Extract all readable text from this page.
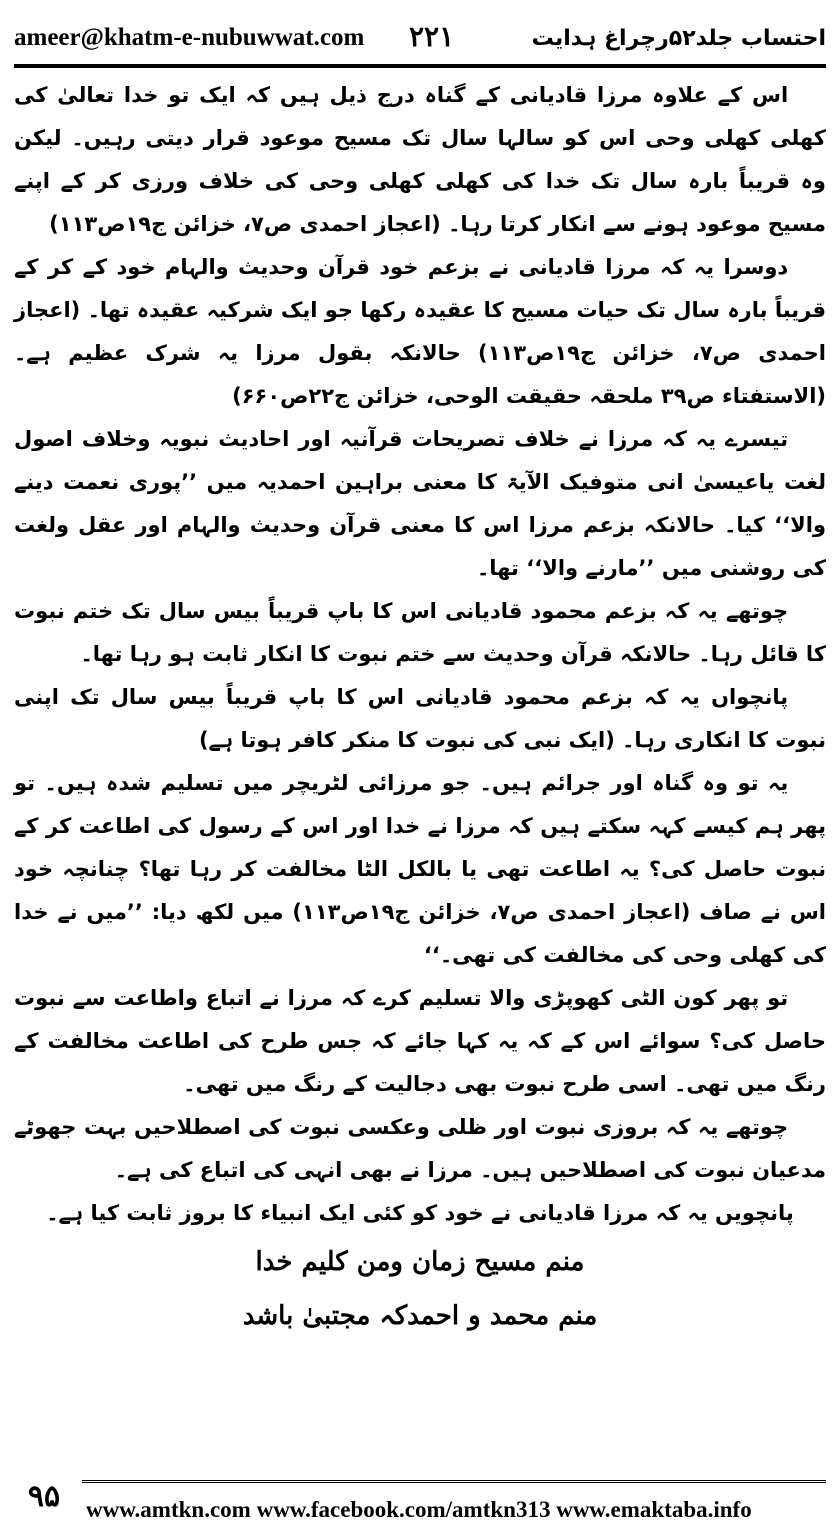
ameer@khatm-e-nubuwwat.com ۲۲۱	احتساب جلد۵۲رچراغ ہدایت

اس کے علاوہ مرزا قادیانی کے گناہ درج ذیل ہیں کہ ایک تو خدا تعالیٰ کی کھلی کھلی وحی اس کو سالہا سال تک مسیح موعود قرار دیتی رہیں۔ لیکن وہ قریباً بارہ سال تک خدا کی کھلی کھلی وحی کی خلاف ورزی کر کے اپنے مسیح موعود ہونے سے انکار کرتا رہا۔ (اعجاز احمدی ص۷، خزائن ج۱۹ص۱۱۳)

دوسرا یہ کہ مرزا قادیانی نے بزعم خود قرآن وحدیث والہام خود کے کر کے قریباً بارہ سال تک حیات مسیح کا عقیدہ رکھا جو ایک شرکیہ عقیدہ تھا۔ (اعجاز احمدی ص۷، خزائن ج۱۹ص۱۱۳) حالانکہ بقول مرزا یہ شرک عظیم ہے۔ (الاستفتاء ص۳۹ ملحقہ حقیقت الوحی، خزائن ج۲۲ص۶۶۰)

تیسرے یہ کہ مرزا نے خلاف تصریحات قرآنیہ اور احادیث نبویہ وخلاف اصول لغت یاعیسیٰ انی متوفیک الآیۃ کا معنی براہین احمدیہ میں ’’پوری نعمت دینے والا‘‘ کیا۔ حالانکہ بزعم مرزا اس کا معنی قرآن وحدیث والہام اور عقل ولغت کی روشنی میں ’’مارنے والا‘‘ تھا۔

چوتھے یہ کہ بزعم محمود قادیانی اس کا باپ قریباً بیس سال تک ختم نبوت کا قائل رہا۔ حالانکہ قرآن وحدیث سے ختم نبوت کا انکار ثابت ہو رہا تھا۔

پانچواں یہ کہ بزعم محمود قادیانی اس کا باپ قریباً بیس سال تک اپنی نبوت کا انکاری رہا۔ (ایک نبی کی نبوت کا منکر کافر ہوتا ہے)

یہ تو وہ گناہ اور جرائم ہیں۔ جو مرزائی لٹریچر میں تسلیم شدہ ہیں۔ تو پھر ہم کیسے کہہ سکتے ہیں کہ مرزا نے خدا اور اس کے رسول کی اطاعت کر کے نبوت حاصل کی؟ یہ اطاعت تھی یا بالکل الٹا مخالفت کر رہا تھا؟ چنانچہ خود اس نے صاف (اعجاز احمدی ص۷، خزائن ج۱۹ص۱۱۳) میں لکھ دیا: ’’میں نے خدا کی کھلی وحی کی مخالفت کی تھی۔‘‘

تو پھر کون الٹی کھوپڑی والا تسلیم کرے کہ مرزا نے اتباع واطاعت سے نبوت حاصل کی؟ سوائے اس کے کہ یہ کہا جائے کہ جس طرح کی اطاعت مخالفت کے رنگ میں تھی۔ اسی طرح نبوت بھی دجالیت کے رنگ میں تھی۔

چوتھے یہ کہ بروزی نبوت اور ظلی وعکسی نبوت کی اصطلاحیں بہت جھوٹے مدعیان نبوت کی اصطلاحیں ہیں۔ مرزا نے بھی انہی کی اتباع کی ہے۔

پانچویں یہ کہ مرزا قادیانی نے خود کو کئی ایک انبیاء کا بروز ثابت کیا ہے۔

منم مسیح زمان ومن کلیم خدا

منم محمد و احمدکہ مجتبیٰ باشد

۹۵	www.amtkn.com www.facebook.com/amtkn313 www.emaktaba.info
